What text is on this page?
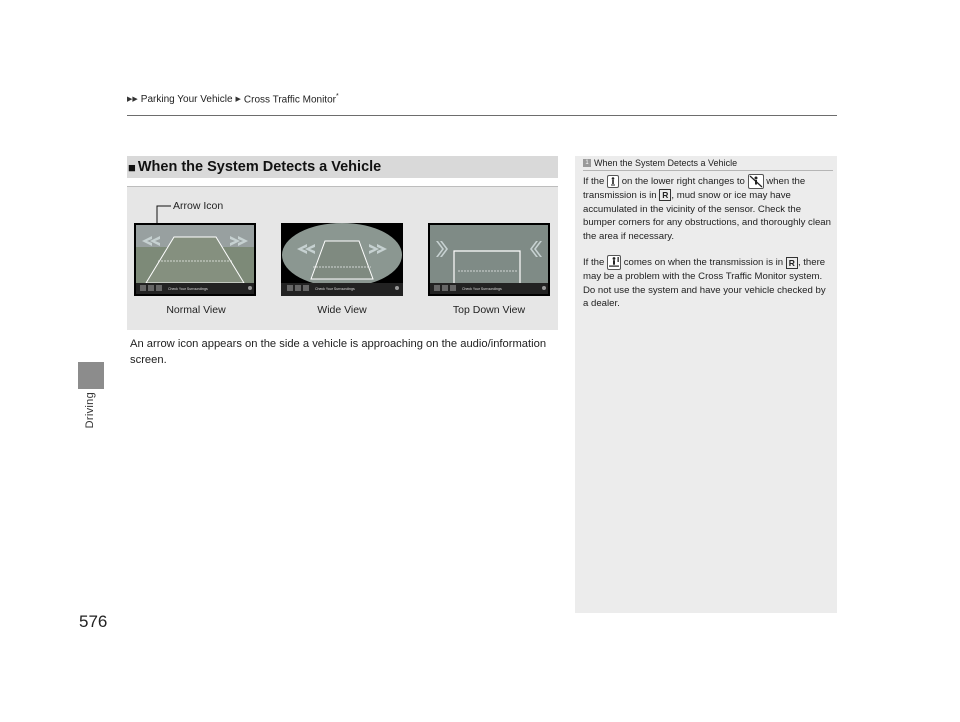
▶▶ Parking Your Vehicle ▶ Cross Traffic Monitor*
Driving
576
■ When the System Detects a Vehicle
Arrow Icon
Check Your Surroundings	Check Your Surroundings	Check Your Surroundings
Normal View	Wide View	Top Down View
An arrow icon appears on the side a vehicle is approaching on the audio/information screen.
1 When the System Detects a Vehicle
If the on the lower right changes to when the transmission is in R , mud snow or ice may have accumulated in the vicinity of the sensor. Check the bumper corners for any obstructions, and thoroughly clean the area if necessary.
If the comes on when the transmission is in R , there may be a problem with the Cross Traffic Monitor system. Do not use the system and have your vehicle checked by a dealer.
